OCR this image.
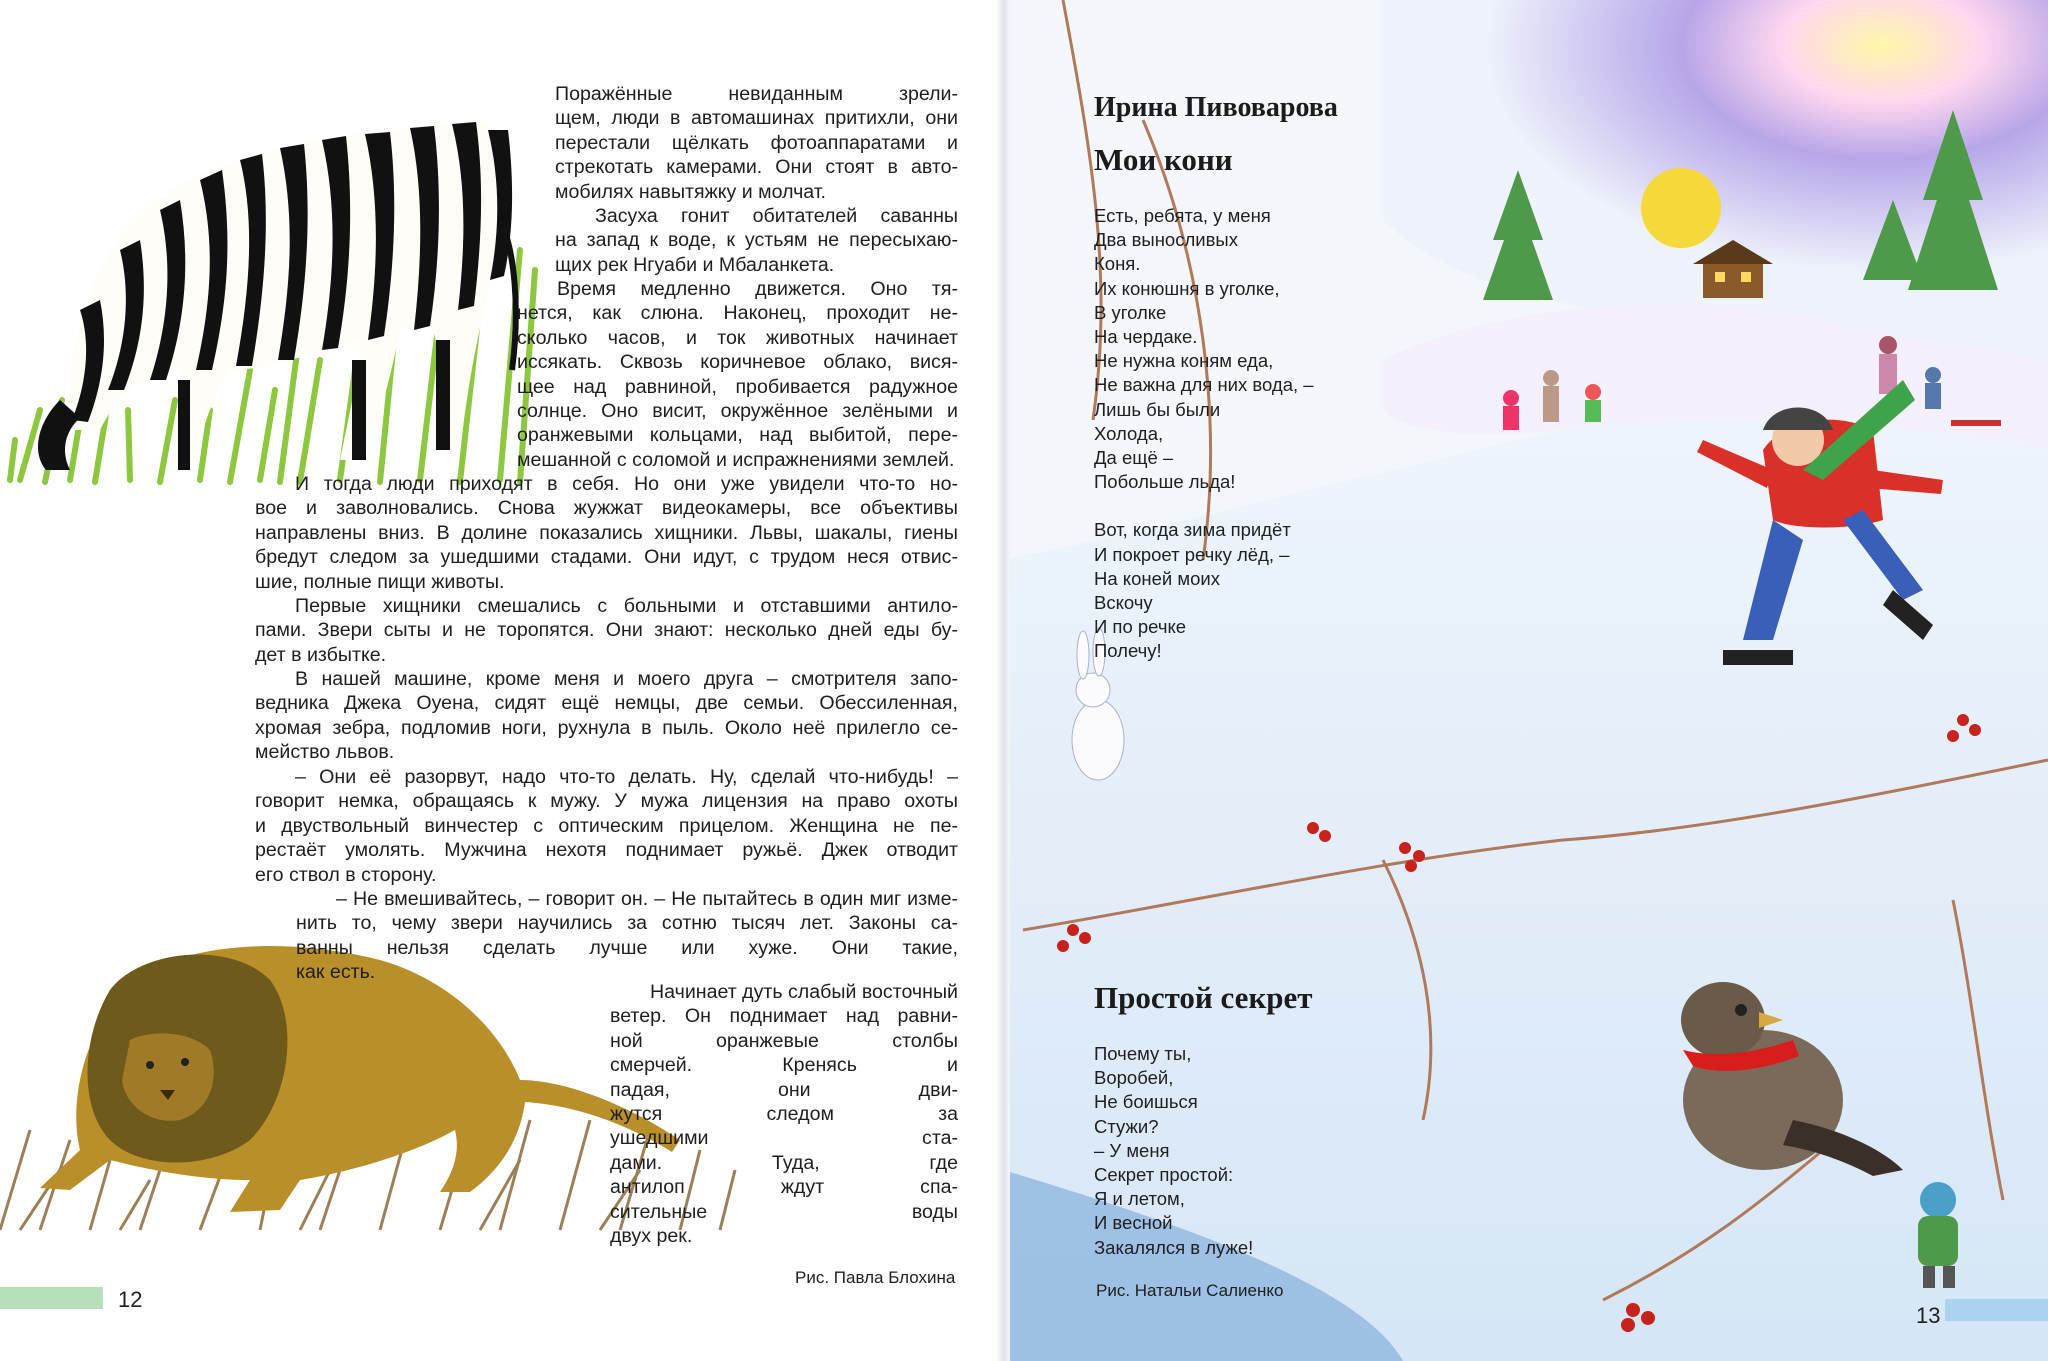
Поражённые невиданным зрели-
щем, люди в автомашинах притихли, они
перестали щёлкать фотоаппаратами и
стрекотать камерами. Они стоят в авто-
мобилях навытяжку и молчат.

Засуха гонит обитателей саванны
на запад к воде, к устьям не пересыхаю-
щих рек Нгуаби и Мбаланкета.

Время медленно движется. Оно тя-
нется, как слюна. Наконец, проходит не-
сколько часов, и ток животных начинает
иссякать. Сквозь коричневое облако, вися-
щее над равниной, пробивается радужное
солнце. Оно висит, окружённое зелёными и
оранжевыми кольцами, над выбитой, пере-
мешанной с соломой и испражнениями землей.

И тогда люди приходят в себя. Но они уже увидели что-то но-
вое и заволновались. Снова жужжат видеокамеры, все объективы
направлены вниз. В долине показались хищники. Львы, шакалы, гиены
бредут следом за ушедшими стадами. Они идут, с трудом неся отвис-
шие, полные пищи животы.

Первые хищники смешались с больными и отставшими антило-
пами. Звери сыты и не торопятся. Они знают: несколько дней еды бу-
дет в избытке.

В нашей машине, кроме меня и моего друга – смотрителя запо-
ведника Джека Оуена, сидят ещё немцы, две семьи. Обессиленная,
хромая зебра, подломив ноги, рухнула в пыль. Около неё прилегло се-
мейство львов.

– Они её разорвут, надо что-то делать. Ну, сделай что-нибудь! –
говорит немка, обращаясь к мужу. У мужа лицензия на право охоты
и двуствольный винчестер с оптическим прицелом. Женщина не пе-
рестаёт умолять. Мужчина нехотя поднимает ружьё. Джек отводит
его ствол в сторону.

– Не вмешивайтесь, – говорит он. – Не пытайтесь в один миг изме-
нить то, чему звери научились за сотню тысяч лет. Законы са-
ванны нельзя сделать лучше или хуже. Они такие,
как есть.

Начинает дуть слабый восточный
ветер. Он поднимает над равни-
ной оранжевые столбы
смерчей. Кренясь и
падая, они дви-
жутся следом за
ушедшими ста-
дами. Туда, где
антилоп ждут спа-
сительные воды
двух рек.

Рис. Павла Блохина
12
Ирина Пивоварова
Мои кони
Есть, ребята, у меня
Два выносливых
Коня.
Их конюшня в уголке,
В уголке
На чердаке.
Не нужна коням еда,
Не важна для них вода, –
Лишь бы были
Холода,
Да ещё –
Побольше льда!
Вот, когда зима придёт
И покроет речку лёд, –
На коней моих
Вскочу
И по речке
Полечу!
Простой секрет
Почему ты,
Воробей,
Не боишься
Стужи?
– У меня
Секрет простой:
Я и летом,
И весной
Закалялся в луже!
Рис. Натальи Салиенко
13
